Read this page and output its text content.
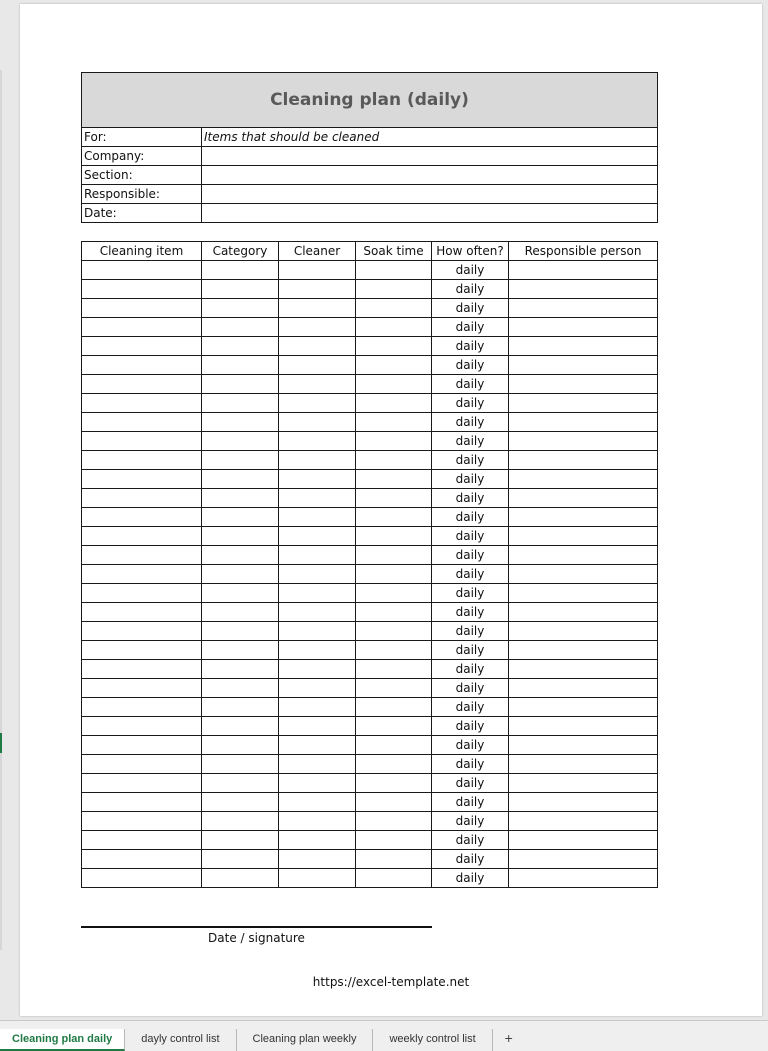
Cleaning plan (daily)	
For:	Items that should be cleaned
Company:	
Section:	
Responsible:	
Date:	
Cleaning item	Category	Cleaner	Soak time	How often?	Responsible person
				daily	
				daily	
				daily	
				daily	
				daily	
				daily	
				daily	
				daily	
				daily	
				daily	
				daily	
				daily	
				daily	
				daily	
				daily	
				daily	
				daily	
				daily	
				daily	
				daily	
				daily	
				daily	
				daily	
				daily	
				daily	
				daily	
				daily	
				daily	
				daily	
				daily	
				daily	
				daily	
				daily	
Date / signature
https://excel-template.net
Cleaning plan daily	dayly control list	Cleaning plan weekly	weekly control list	+
